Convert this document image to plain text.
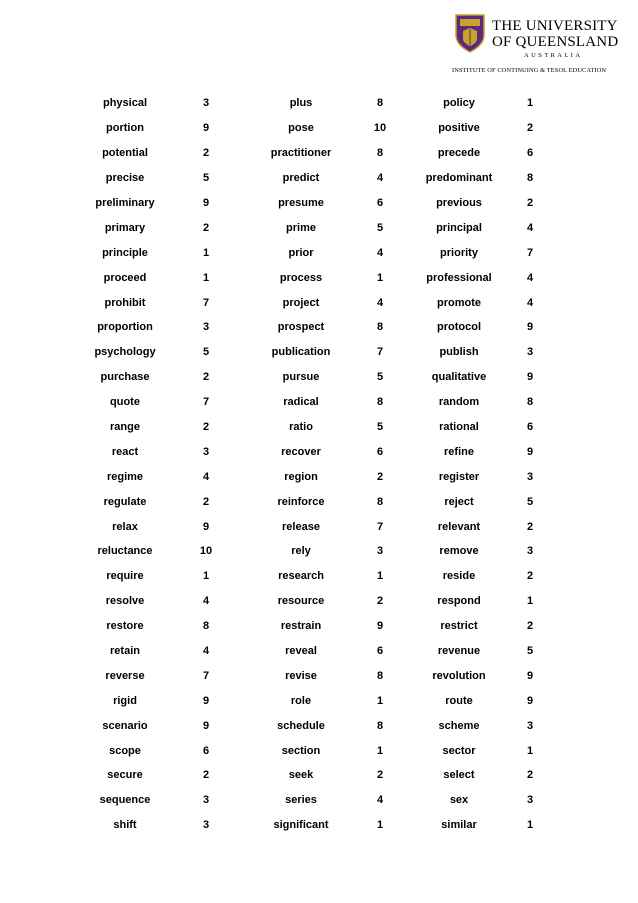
THE UNIVERSITY
OF QUEENSLAND
AUSTRALIA
INSTITUTE OF CONTINUING & TESOL EDUCATION
physical	3	plus	8	policy	1
portion	9	pose	10	positive	2
potential	2	practitioner	8	precede	6
precise	5	predict	4	predominant	8
preliminary	9	presume	6	previous	2
primary	2	prime	5	principal	4
principle	1	prior	4	priority	7
proceed	1	process	1	professional	4
prohibit	7	project	4	promote	4
proportion	3	prospect	8	protocol	9
psychology	5	publication	7	publish	3
purchase	2	pursue	5	qualitative	9
quote	7	radical	8	random	8
range	2	ratio	5	rational	6
react	3	recover	6	refine	9
regime	4	region	2	register	3
regulate	2	reinforce	8	reject	5
relax	9	release	7	relevant	2
reluctance	10	rely	3	remove	3
require	1	research	1	reside	2
resolve	4	resource	2	respond	1
restore	8	restrain	9	restrict	2
retain	4	reveal	6	revenue	5
reverse	7	revise	8	revolution	9
rigid	9	role	1	route	9
scenario	9	schedule	8	scheme	3
scope	6	section	1	sector	1
secure	2	seek	2	select	2
sequence	3	series	4	sex	3
shift	3	significant	1	similar	1
